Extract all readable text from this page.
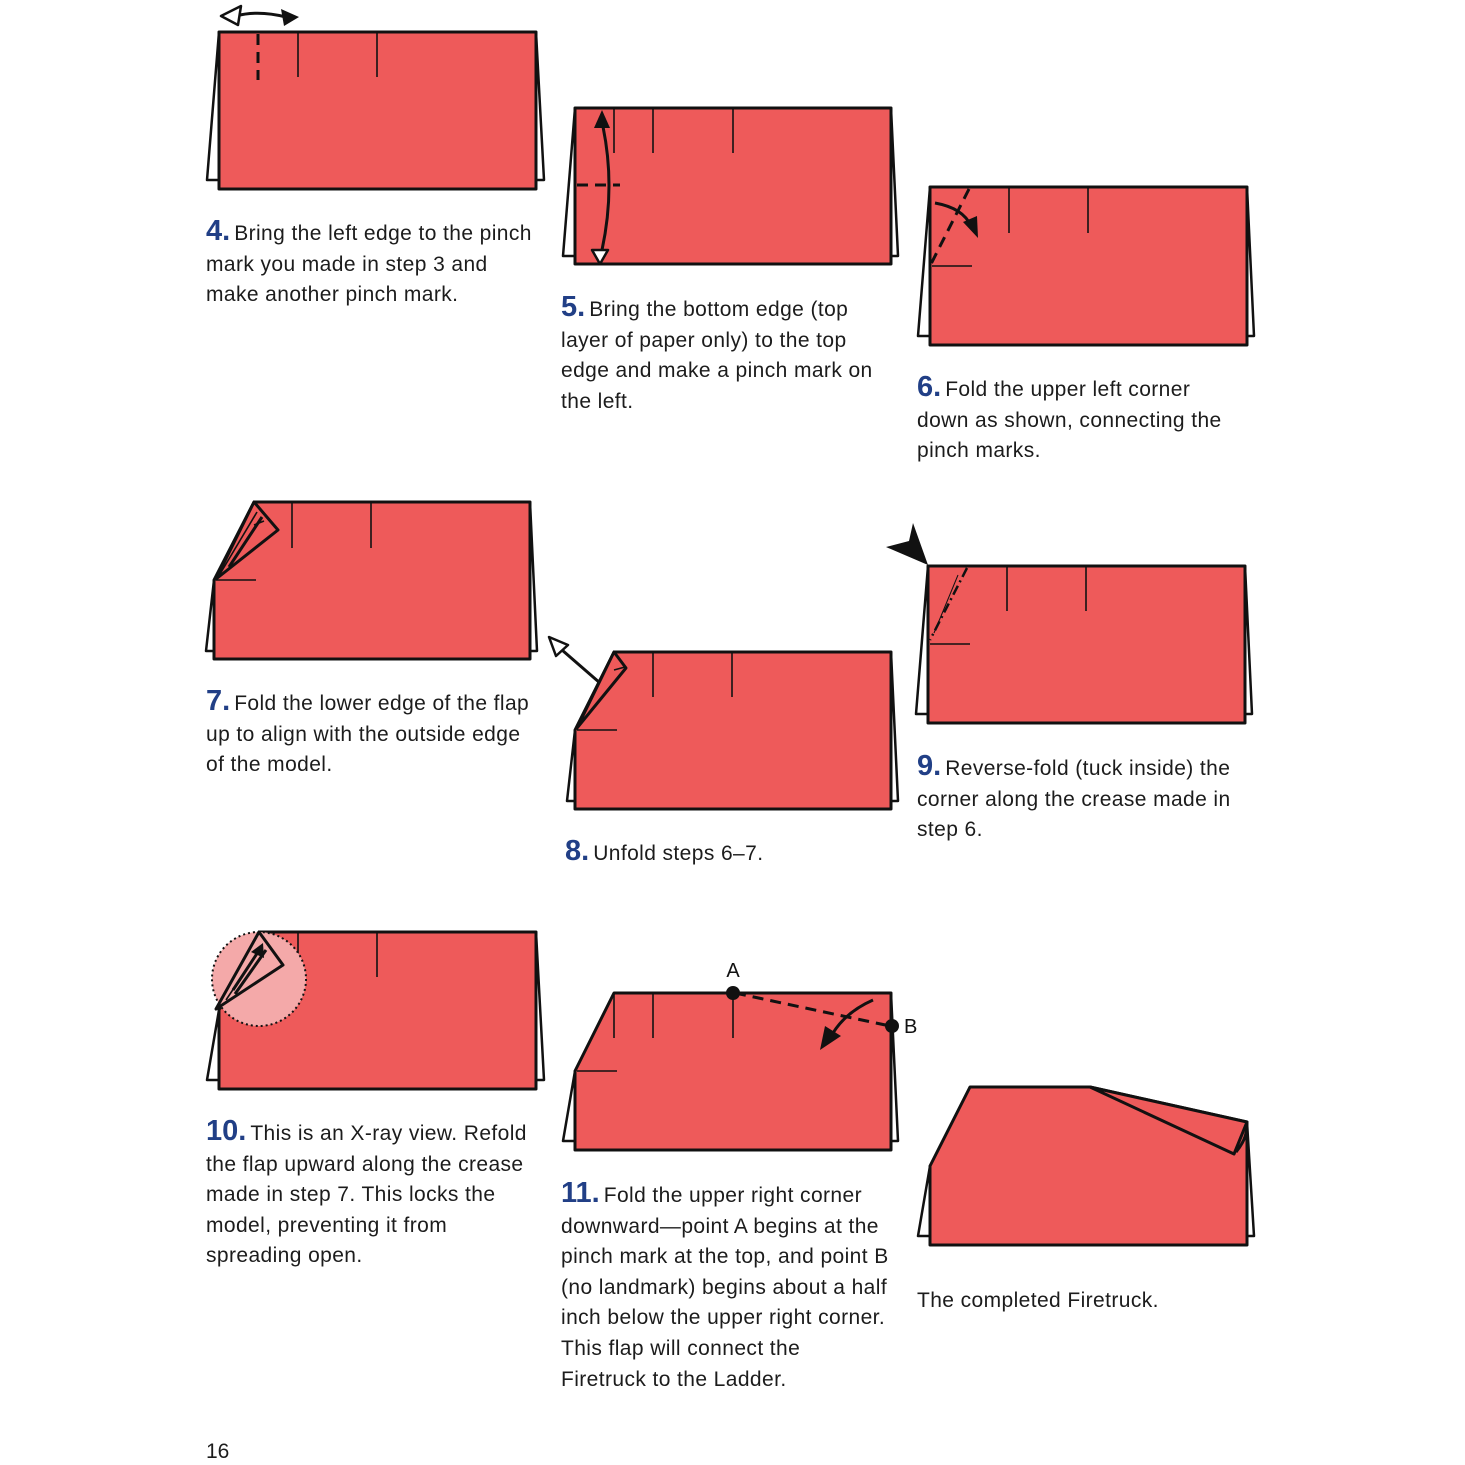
4. Bring the left edge to the pinch mark you made in step 3 and make another pinch mark.	5. Bring the bottom edge (top layer of paper only) to the top edge and make a pinch mark on the left.	6. Fold the upper left corner down as shown, connecting the pinch marks.
7. Fold the lower edge of the flap up to align with the outside edge of the model.
8. Unfold steps 6–7.
9. Reverse-fold (tuck inside) the corner along the crease made in step 6.
10. This is an X-ray view. Refold the flap upward along the crease made in step 7. This locks the model, preventing it from spreading open.
A
B
11. Fold the upper right corner downward—point A begins at the pinch mark at the top, and point B (no landmark) begins about a half inch below the upper right corner. This flap will connect the Firetruck to the Ladder.
The completed Firetruck.
16
